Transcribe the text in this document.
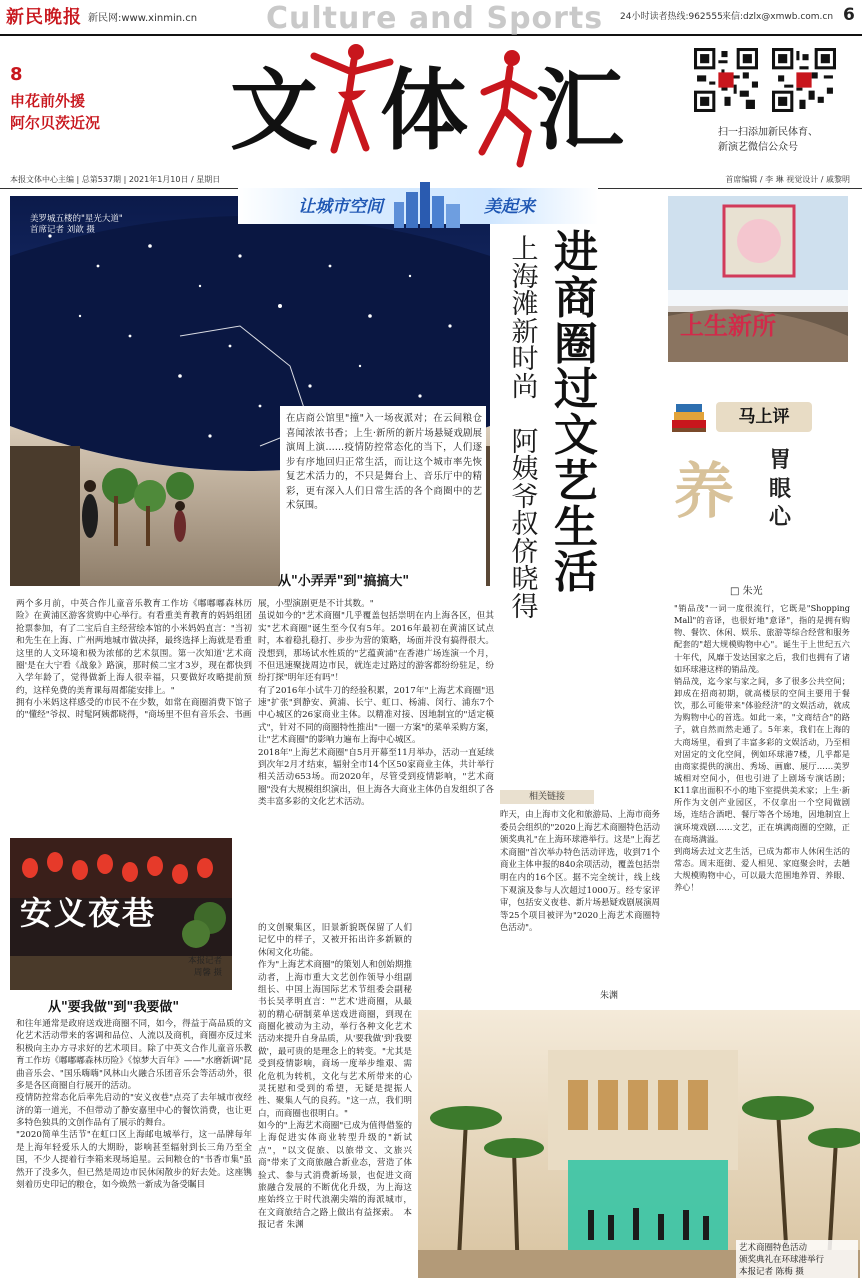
新民晚报 新民网:www.xinmin.cn Culture and Sports 24小时读者热线:962555 来信:dzlx@xmwb.com.cn 6
8
申花前外援
阿尔贝茨近况 文 体 汇	扫一扫添加新民体育、
新演艺微信公众号
本报文体中心主编 | 总第537期 | 2021年1月10日 / 星期日	首席编辑 / 李 琳 视觉设计 / 戚黎明
美罗城五楼的"星光大道"
首席记者 刘歆 摄
在店商公馆里"撞"入一场夜派对；在云间粮仓喜闻浓浓书香；上生·新所的新片场悬疑戏剧展演周上演……疫情防控常态化的当下，人们逐步有序地回归正常生活，而让这个城市率先恢复艺术活力的，不只是舞台上、音乐厅中的精彩，更有深入人们日常生活的各个商圈中的艺术氛围。
让城市空间	美起来
上
海
滩
新
时
尚

阿
姨
爷
叔
侪
晓
得
进
商
圈
过
文
艺
生
活
上生新所
马上评
养	胃
眼
心
□ 朱光
"销品茂"一词一度很流行，它既是"Shopping Mall"的音译，也很好地"意译"，指的是拥有购物、餐饮、休闲、娱乐、旅游等综合经营和服务配套的"超大规模购物中心"。诞生于上世纪五六十年代，风靡于发达国家之后，我们也拥有了诸如环球港这样的销品茂。
销品茂，迄今家与家之间，多了很多公共空间；卸成在招商初期，就高楼层的空间主要用于餐饮，那么可能带来"体验经济"的文娱活动，就成为购物中心的首选。如此一来，"文商结合"的路子，就自然而然走通了。5年来，我们在上海的大商场里，看到了丰富多彩的文娱活动，乃至相对固定的文化空间，例如环球港7楼，几乎都是由商家提供的演出、秀场、画廊、展厅……美罗城相对空间小，但也引进了上剧场专演话剧；K11拿出面积不小的地下室提供美术家；上生·新所作为文创产业园区，不仅拿出一个空间做剧场，连结合酒吧、餐厅等各个场地，因地制宜上演环境戏剧……文艺，正在填满商圈的空隙，正在商场满溢。
到商场去过文艺生活，已成为都市人休闲生活的常态。周末逛街、爱人相见、家庭聚会时，去趟大规模购物中心，可以最大范围地养胃、养眼、养心！
从"小弄弄"到"搞搞大"
两个多月前，中英合作儿童音乐教育工作坊《嘟嘟嘟森林历险》在黄浦区游客赏购中心举行。有看重美育教育的妈妈组团抢票参加，有了二宝后自主经营绘本馆的小米妈妈直言："当初和先生在上海、广州两地城市做决择，最终选择上海就是看重这里的人文环境和极为浓郁的艺术氛围。第一次知道'艺术商圈'是在大宁看《战象》路演，那时候二宝才3岁，现在都快到入学年龄了，觉得做新上海人很幸福，只要做好攻略提前预约，这样免费的美育课每周都能安排上。"
拥有小米妈这样感受的市民不在少数，如常在商圈消费下馆子的"懂经"爷叔、时髦阿姨都晓得，"商场里不但有音乐会、书画
展，小型演剧更是不计其数。"
虽说如今的"艺术商圈"几乎覆盖包括崇明在内上海各区，但其实"艺术商圈"诞生至今仅有5年。2016年最初在黄浦区试点时，本着稳扎稳打、步步为营的策略，场面并没有搞得很大。没想到，那场试水性质的"艺蕴黄浦"在香港广场连演一个月，不但迅速聚拢周边市民，就连走过路过的游客都纷纷驻足，纷纷打探"明年还有吗"！
有了2016年小试牛刀的经验积累，2017年"上海艺术商圈"迅速"扩张"到静安、黄浦、长宁、虹口、杨浦、闵行、浦东7个中心城区的26家商业主体。以精准对接、因地制宜的"适定模式"，针对不同的商圈特性推出"一圈一方案"的菜单采购方案，让"艺术商圈"的影响力遍布上海中心城区。
2018年"上海艺术商圈"自5月开幕至11月举办，活动一直延续到次年2月才结束，辐射全市14个区50家商业主体，共计举行相关活动653场。而2020年，尽管受到疫情影响，"艺术商圈"没有大规模组织演出，但上海各大商业主体仍自发组织了各类丰富多彩的文化艺术活动。	相关链接
昨天，由上海市文化和旅游局、上海市商务委员会组织的"2020上海艺术商圈特色活动颁奖典礼"在上海环球港举行。这是"上海艺术商圈"首次举办特色活动评选，收到71个商业主体申报的840余项活动，覆盖包括崇明在内的16个区。据不完全统计，线上线下观演及参与人次超过1000万。经专家评审，包括安义夜巷、新片场悬疑戏剧展演周等25个项目被评为"2020上海艺术商圈特色活动"。
朱渊
安义夜巷
本报记者
周馨 摄
从"要我做"到"我要做"
和往年通常是政府送戏进商圈不同，如今，得益于高品质的文化艺术活动带来的客调和品位、人流以及商机，商圈亦反过来积极向主办方寻求好的艺术项目。除了中英文合作儿童音乐教育工作坊《嘟嘟嘟森林历险》《惊梦大百年》——"水磨新调"昆曲音乐会、"国乐嗨嗨"风林山火融合乐团音乐会等活动外，很多是各区商圈自行展开的活动。
疫情防控常态化后率先启动的"安义夜巷"点亮了去年城市夜经济的第一道光，不但带动了静安嘉里中心的餐饮消费，也让更多特色独具的文创作品有了展示的舞台。
"2020简单生活节"在虹口区上海邮电城举行，这一品牌每年是上海年轻爱乐人的大期盼，影响甚至辐射到长三角乃至全国，不少人提着行李箱来现场追星。云间粮仓的"书香市集"虽然开了没多久，但已然是周边市民休闲散步的好去处。这座镌刻着历史印记的粮仓，如今焕然一新成为备受瞩目
的文创聚集区，旧景新貌既保留了人们记忆中的样子，又被开拓出许多新颖的休闲文化功能。
作为"上海艺术商圈"的策划人和创始期推动者，上海市重大文艺创作领导小组副组长、中国上海国际艺术节组委会副秘书长吴孝明直言："'艺术'进商圈，从最初的精心研制菜单送戏进商圈，到现在商圈化被动为主动，举行各种文化艺术活动来提升自身品质，从'要我做'到'我要做'，最可贵的是理念上的转变。"尤其是受到疫情影响，商场一度举步维艰、需化危机为转机，文化与艺术所带来的心灵抚慰和受到的希望，无疑是提振人性、聚集人气的良药。"这一点，我们明白，而商圈也很明白。"
如今的"上海艺术商圈"已成为值得借鉴的上海促进实体商业转型升级的"新试点"，"以文促旅、以旅带文、文旅兴商"带来了文商旅融合新业态，营造了体验式、参与式消费新场景，也促进文商旅融合发展的不断优化升级，为上海这座始终立于时代浪潮尖端的海派城市，在文商旅结合之路上做出有益探索。　本报记者 朱渊
艺术商圈特色活动
颁奖典礼在环球港举行
本报记者 陈梅 摄
